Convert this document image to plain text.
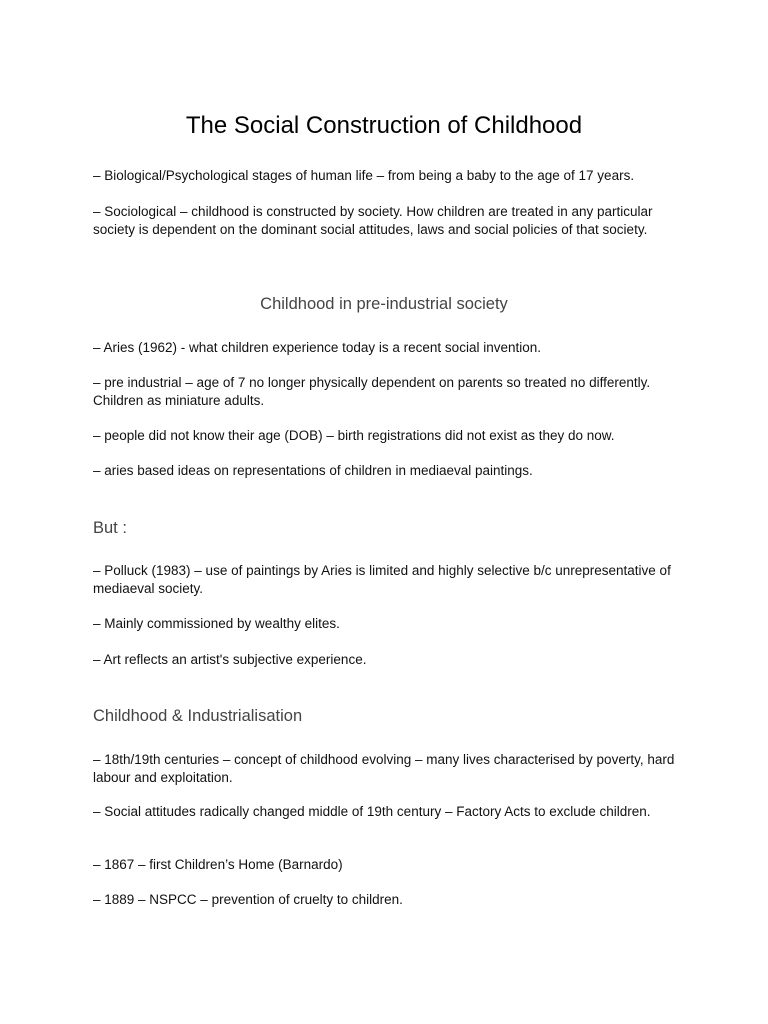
The Social Construction of Childhood

– Biological/Psychological stages of human life – from being a baby to the age of 17 years.

– Sociological – childhood is constructed by society. How children are treated in any particular society is dependent on the dominant social attitudes, laws and social policies of that society.

Childhood in pre-industrial society

– Aries (1962) - what children experience today is a recent social invention.

– pre industrial – age of 7 no longer physically dependent on parents so treated no differently. Children as miniature adults.

– people did not know their age (DOB) – birth registrations did not exist as they do now.

– aries based ideas on representations of children in mediaeval paintings.

But :

– Polluck (1983) – use of paintings by Aries is limited and highly selective b/c unrepresentative of mediaeval society.

– Mainly commissioned by wealthy elites.

– Art reflects an artist's subjective experience.

Childhood & Industrialisation

– 18th/19th centuries – concept of childhood evolving – many lives characterised by poverty, hard labour and exploitation.

– Social attitudes radically changed middle of 19th century – Factory Acts to exclude children.

– 1867 – first Children’s Home (Barnardo)

– 1889 – NSPCC – prevention of cruelty to children.
